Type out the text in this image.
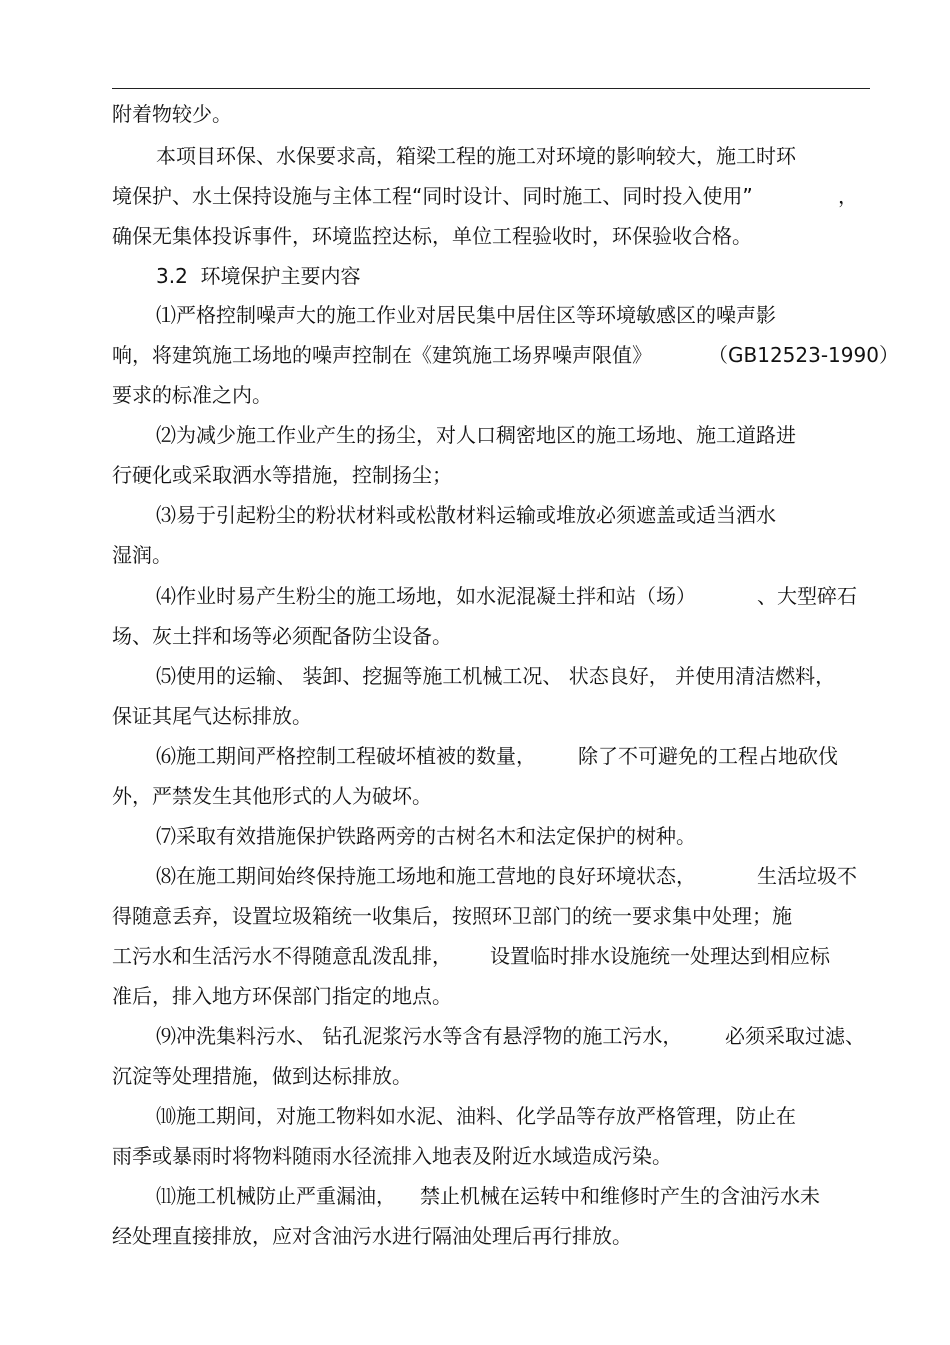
附着物较少。
本项目环保、水保要求高，箱梁工程的施工对环境的影响较大，施工时环
境保护、水土保持设施与主体工程“同时设计、同时施工、同时投入使用”	，
确保无集体投诉事件，环境监控达标，单位工程验收时，环保验收合格。
3.2  环境保护主要内容
⑴严格控制噪声大的施工作业对居民集中居住区等环境敏感区的噪声影
响，将建筑施工场地的噪声控制在《建筑施工场界噪声限值》	（GB12523-1990）
要求的标准之内。
⑵为减少施工作业产生的扬尘，对人口稠密地区的施工场地、施工道路进
行硬化或采取洒水等措施，控制扬尘；
⑶易于引起粉尘的粉状材料或松散材料运输或堆放必须遮盖或适当洒水
湿润。
⑷作业时易产生粉尘的施工场地，如水泥混凝土拌和站（场）	、大型碎石
场、灰土拌和场等必须配备防尘设备。
⑸使用的运输、 装卸、挖掘等施工机械工况、 状态良好， 并使用清洁燃料，
保证其尾气达标排放。
⑹施工期间严格控制工程破坏植被的数量， 除了不可避免的工程占地砍伐
外，严禁发生其他形式的人为破坏。
⑺采取有效措施保护铁路两旁的古树名木和法定保护的树种。
⑻在施工期间始终保持施工场地和施工营地的良好环境状态，	生活垃圾不
得随意丢弃，设置垃圾箱统一收集后，按照环卫部门的统一要求集中处理；施
工污水和生活污水不得随意乱泼乱排， 设置临时排水设施统一处理达到相应标
准后，排入地方环保部门指定的地点。
⑼冲洗集料污水、 钻孔泥浆污水等含有悬浮物的施工污水， 必须采取过滤、
沉淀等处理措施，做到达标排放。
⑽施工期间，对施工物料如水泥、油料、化学品等存放严格管理，防止在
雨季或暴雨时将物料随雨水径流排入地表及附近水域造成污染。
⑾施工机械防止严重漏油， 禁止机械在运转中和维修时产生的含油污水未
经处理直接排放，应对含油污水进行隔油处理后再行排放。
